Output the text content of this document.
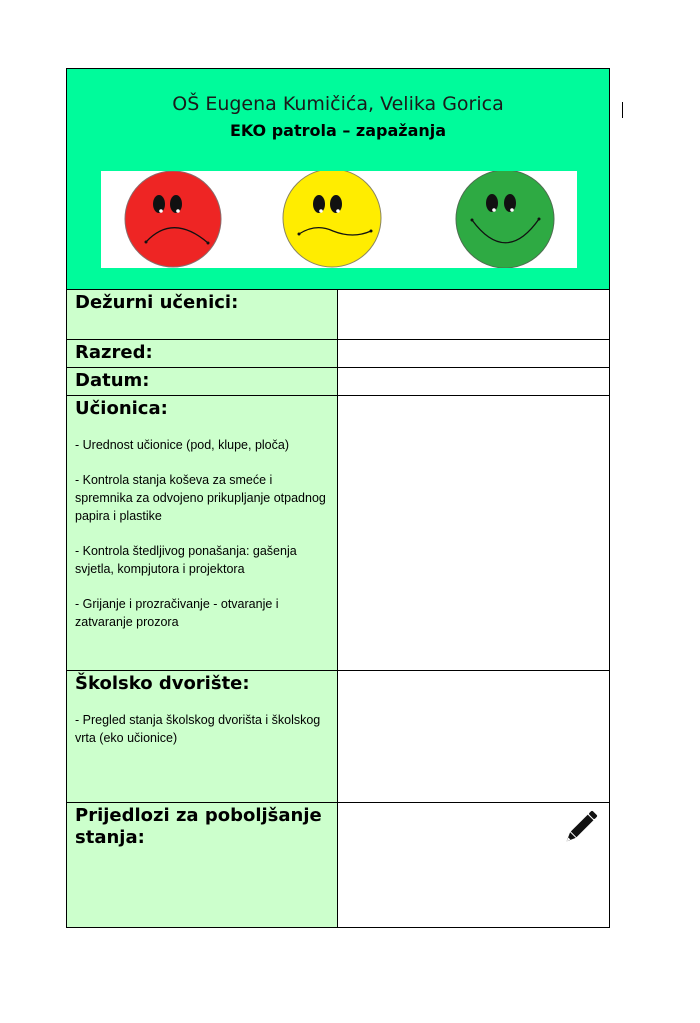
OŠ Eugena Kumičića, Velika Gorica
EKO patrola – zapažanja
Dežurni učenici:
Razred:
Datum:
Učionica:
- Urednost učionice (pod, klupe, ploča)
- Kontrola stanja koševa za smeće i spremnika za odvojeno prikupljanje otpadnog papira i plastike
- Kontrola štedljivog ponašanja: gašenja svjetla, kompjutora i projektora
- Grijanje i prozračivanje - otvaranje i zatvaranje prozora
Školsko dvorište:
- Pregled stanja školskog dvorišta i školskog vrta (eko učionice)
Prijedlozi za poboljšanje stanja:
